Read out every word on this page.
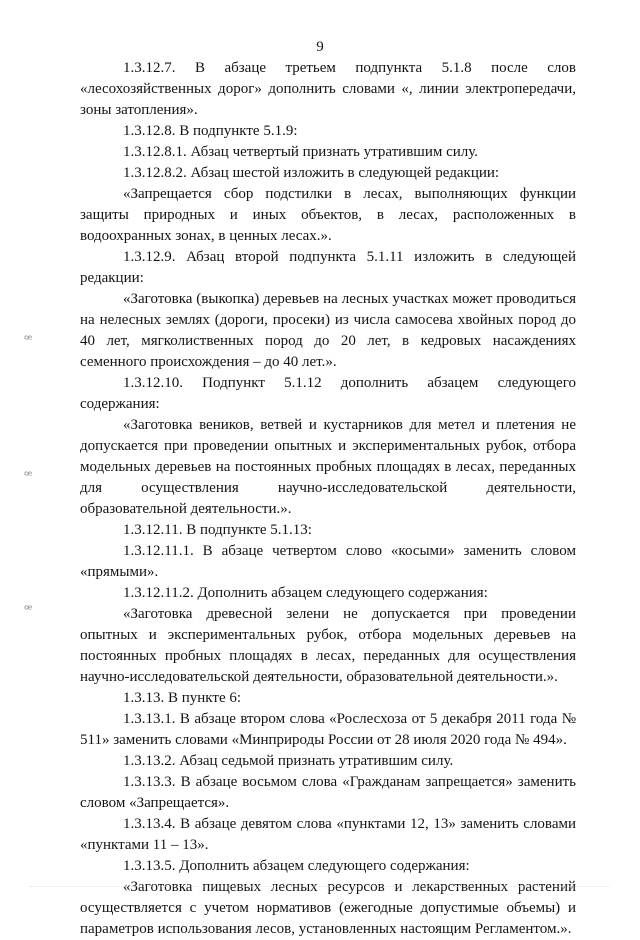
9
ꟹ
ꟹ
ꟹ

1.3.12.7. В абзаце третьем подпункта 5.1.8 после слов «лесохозяйственных дорог» дополнить словами «, линии электропередачи, зоны затопления».

1.3.12.8. В подпункте 5.1.9:

1.3.12.8.1. Абзац четвертый признать утратившим силу.

1.3.12.8.2. Абзац шестой изложить в следующей редакции:

«Запрещается сбор подстилки в лесах, выполняющих функции защиты природных и иных объектов, в лесах, расположенных в водоохранных зонах, в ценных лесах.».

1.3.12.9. Абзац второй подпункта 5.1.11 изложить в следующей редакции:

«Заготовка (выкопка) деревьев на лесных участках может проводиться на нелесных землях (дороги, просеки) из числа самосева хвойных пород до 40 лет, мягколиственных пород до 20 лет, в кедровых насаждениях семенного происхождения – до 40 лет.».

1.3.12.10. Подпункт 5.1.12 дополнить абзацем следующего содержания:

«Заготовка веников, ветвей и кустарников для метел и плетения не допускается при проведении опытных и экспериментальных рубок, отбора модельных деревьев на постоянных пробных площадях в лесах, переданных для осуществления научно-исследовательской деятельности, образовательной деятельности.».

1.3.12.11. В подпункте 5.1.13:

1.3.12.11.1. В абзаце четвертом слово «косыми» заменить словом «прямыми».

1.3.12.11.2. Дополнить абзацем следующего содержания:

«Заготовка древесной зелени не допускается при проведении опытных и экспериментальных рубок, отбора модельных деревьев на постоянных пробных площадях в лесах, переданных для осуществления научно-исследовательской деятельности, образовательной деятельности.».

1.3.13. В пункте 6:

1.3.13.1. В абзаце втором слова «Рослесхоза от 5 декабря 2011 года № 511» заменить словами «Минприроды России от 28 июля 2020 года № 494».

1.3.13.2. Абзац седьмой признать утратившим силу.

1.3.13.3. В абзаце восьмом слова «Гражданам запрещается» заменить словом «Запрещается».

1.3.13.4. В абзаце девятом слова «пунктами 12, 13» заменить словами «пунктами 11 – 13».

1.3.13.5. Дополнить абзацем следующего содержания:

«Заготовка пищевых лесных ресурсов и лекарственных растений осуществляется с учетом нормативов (ежегодные допустимые объемы) и параметров использования лесов, установленных настоящим Регламентом.».
